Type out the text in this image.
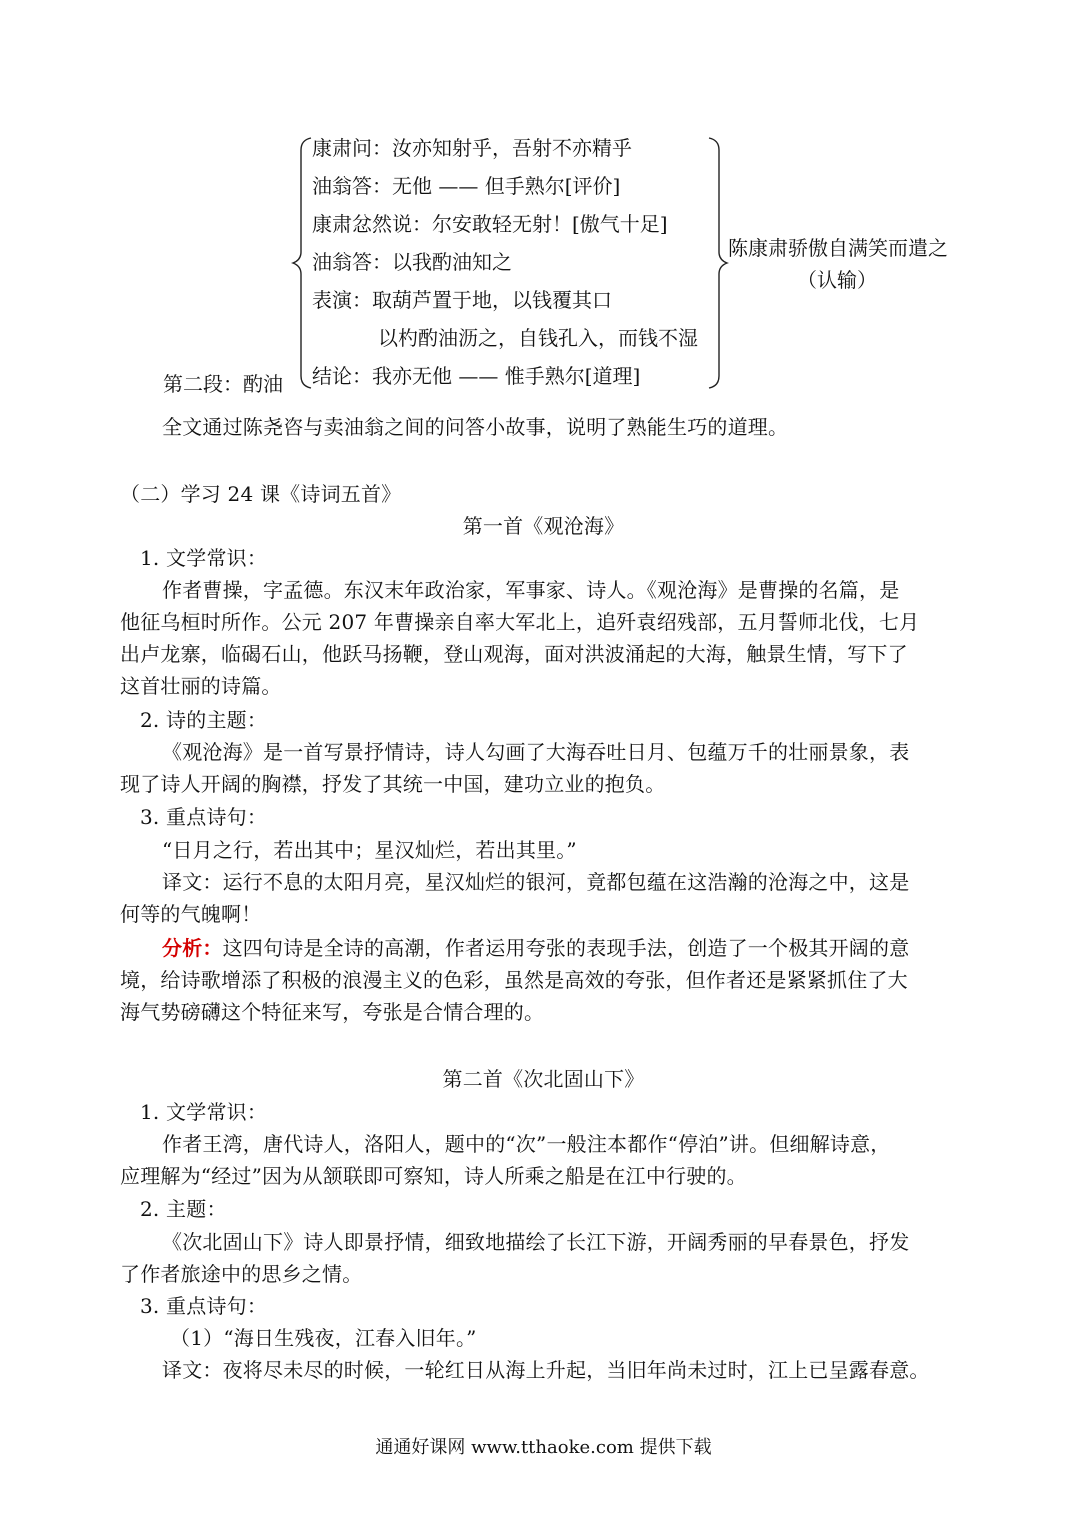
康肃问：汝亦知射乎，吾射不亦精乎
油翁答：无他 —— 但手熟尔[评价]
康肃忿然说：尔安敢轻无射！[傲气十足]
油翁答：以我酌油知之
表演：取葫芦置于地，以钱覆其口
以杓酌油沥之，自钱孔入，而钱不湿
结论：我亦无他 —— 惟手熟尔[道理]
第二段：酌油
陈康肃骄傲自满笑而遣之
（认输）
全文通过陈尧咨与卖油翁之间的问答小故事，说明了熟能生巧的道理。
（二）学习 24 课《诗词五首》
第一首《观沧海》
1. 文学常识：
作者曹操，字孟德。东汉末年政治家，军事家、诗人。《观沧海》是曹操的名篇，是
他征乌桓时所作。公元 207 年曹操亲自率大军北上，追歼袁绍残部，五月誓师北伐，七月
出卢龙寨，临碣石山，他跃马扬鞭，登山观海，面对洪波涌起的大海，触景生情，写下了
这首壮丽的诗篇。
2. 诗的主题：
《观沧海》是一首写景抒情诗，诗人勾画了大海吞吐日月、包蕴万千的壮丽景象，表
现了诗人开阔的胸襟，抒发了其统一中国，建功立业的抱负。
3. 重点诗句：
“日月之行，若出其中；星汉灿烂，若出其里。”
译文：运行不息的太阳月亮，星汉灿烂的银河，竟都包蕴在这浩瀚的沧海之中，这是
何等的气魄啊！
分析：这四句诗是全诗的高潮，作者运用夸张的表现手法，创造了一个极其开阔的意
境，给诗歌增添了积极的浪漫主义的色彩，虽然是高效的夸张，但作者还是紧紧抓住了大
海气势磅礴这个特征来写，夸张是合情合理的。
第二首《次北固山下》
1. 文学常识：
作者王湾，唐代诗人，洛阳人，题中的“次”一般注本都作“停泊”讲。但细解诗意，
应理解为“经过”因为从颔联即可察知，诗人所乘之船是在江中行驶的。
2. 主题：
《次北固山下》诗人即景抒情，细致地描绘了长江下游，开阔秀丽的早春景色，抒发
了作者旅途中的思乡之情。
3. 重点诗句：
（1）“海日生残夜，江春入旧年。”
译文：夜将尽未尽的时候，一轮红日从海上升起，当旧年尚未过时，江上已呈露春意。
通通好课网 www.tthaoke.com 提供下载
